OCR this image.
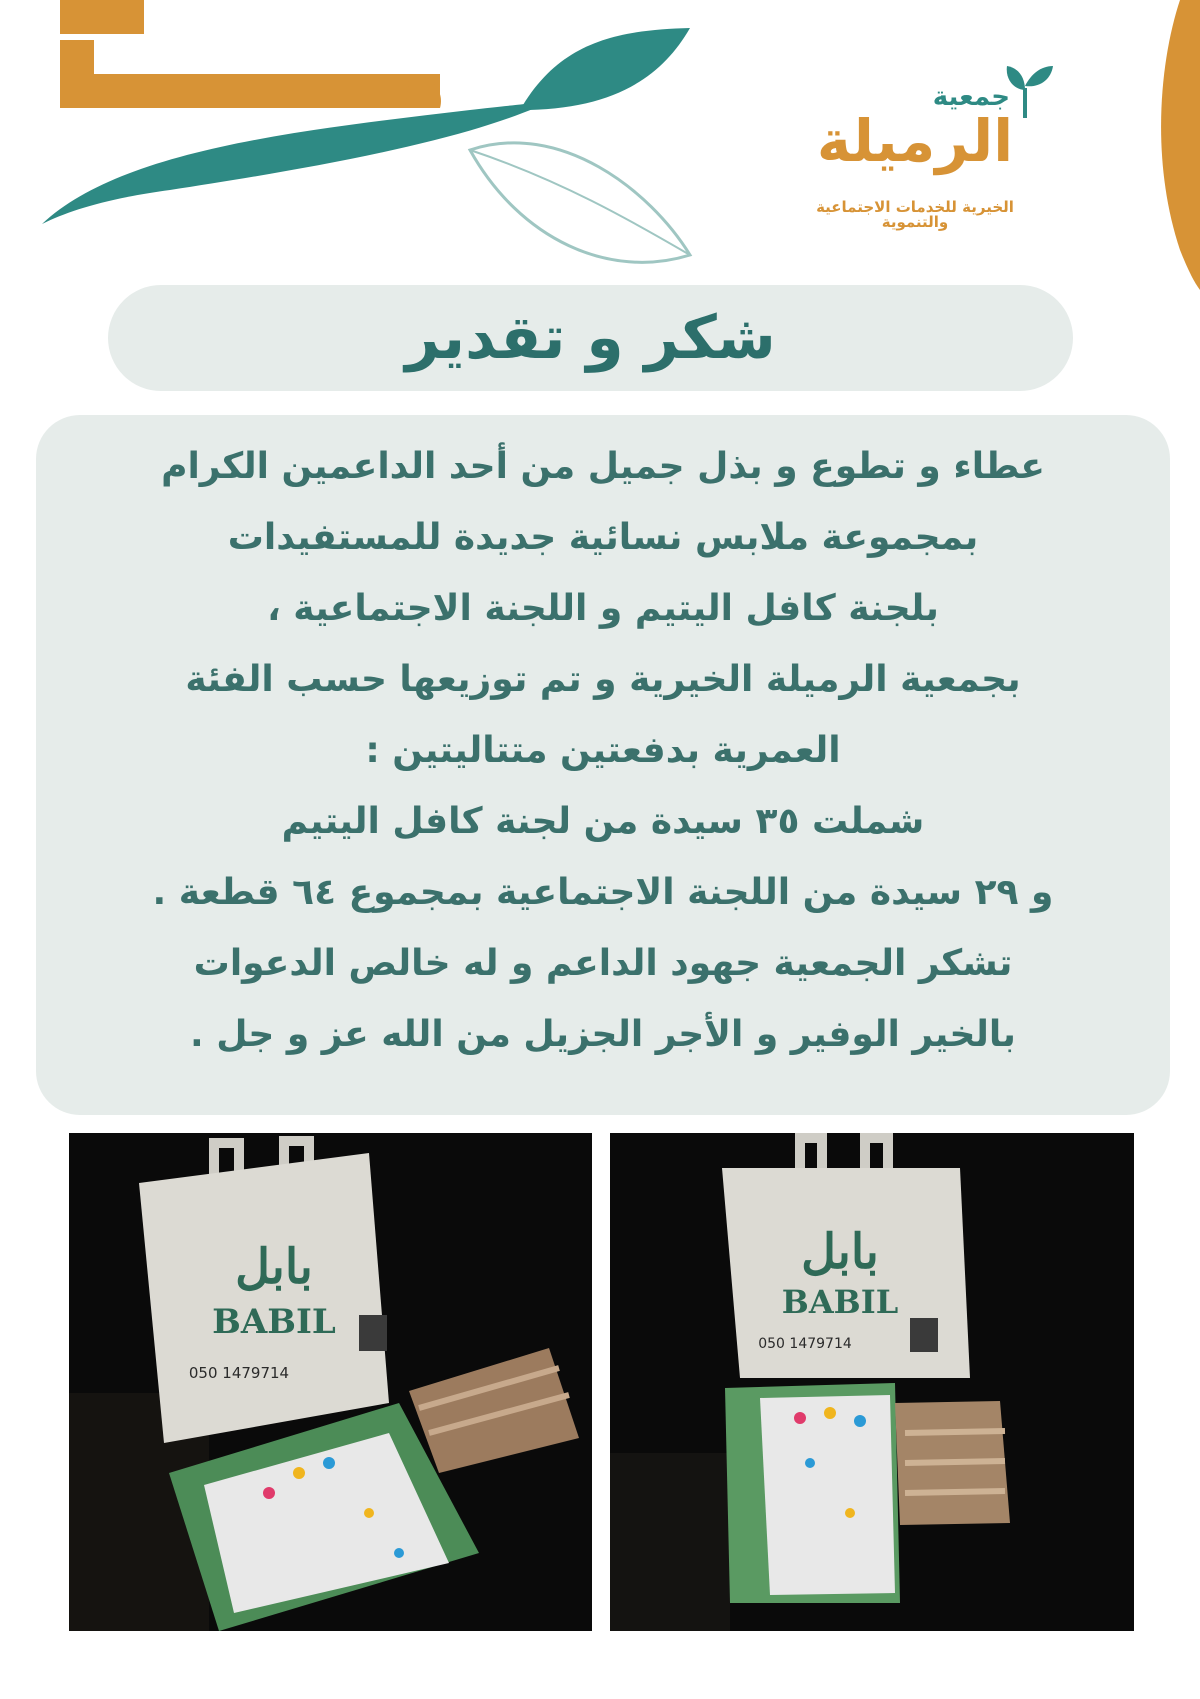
جمعية
الرميلة
الخيرية للخدمات الاجتماعية والتنموية
شكر و تقدير
عطاء و تطوع و بذل جميل من أحد الداعمين الكرام
بمجموعة ملابس نسائية جديدة للمستفيدات
بلجنة كافل اليتيم و اللجنة الاجتماعية ،
بجمعية الرميلة الخيرية و تم توزيعها حسب الفئة
العمرية بدفعتين متتاليتين :
شملت ٣٥ سيدة من لجنة كافل اليتيم
و ٢٩ سيدة من اللجنة الاجتماعية بمجموع ٦٤ قطعة .
تشكر الجمعية جهود الداعم و له خالص الدعوات
بالخير الوفير و الأجر الجزيل من الله عز و جل .
بابل
BABIL
050 1479714
بابل
BABIL
050 1479714
